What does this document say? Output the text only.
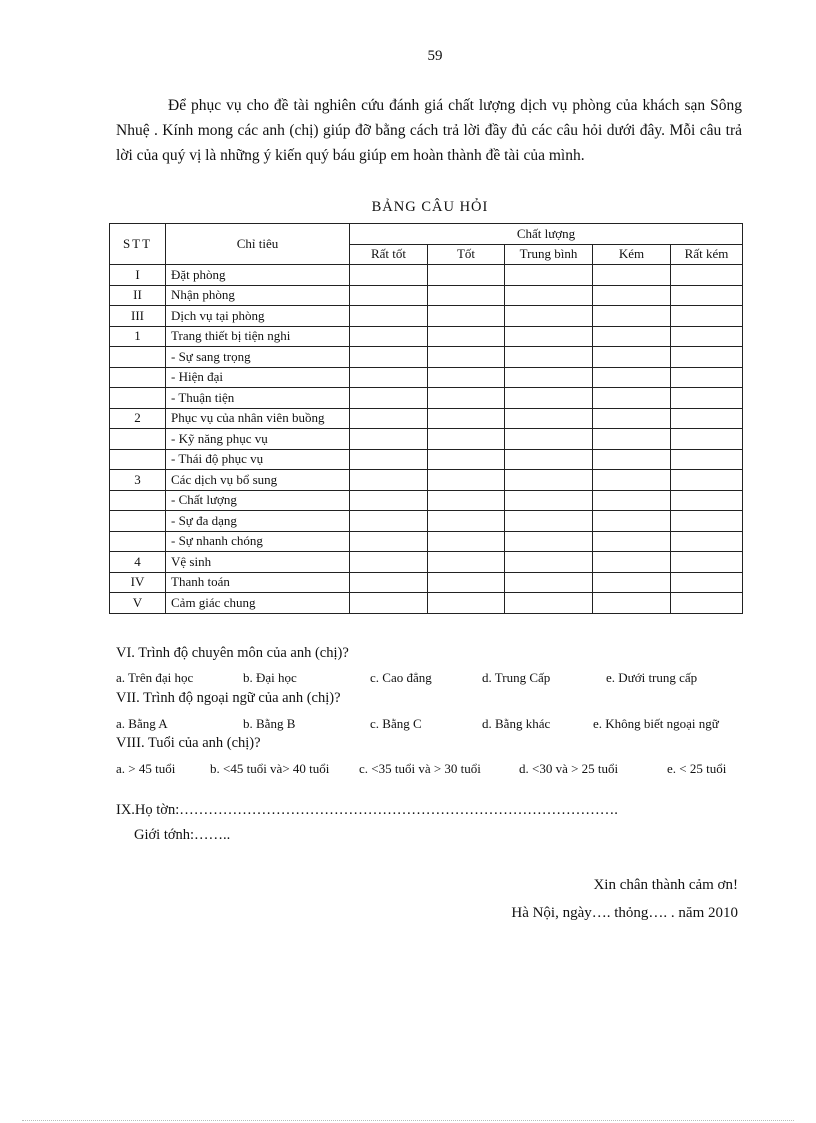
59

Để phục vụ cho đề tài nghiên cứu đánh giá chất lượng dịch vụ phòng của khách sạn Sông Nhuệ . Kính mong các anh (chị) giúp đỡ bằng cách trả lời đầy đủ các câu hỏi dưới đây. Mỗi câu trả lời của quý vị là những ý kiến quý báu giúp em hoàn thành đề tài của mình.

BẢNG CÂU HỎI
STT	Chỉ tiêu	Chất lượng				
		Rất tốt	Tốt	Trung bình	Kém	Rất kém
I	Đặt phòng					
II	Nhận phòng					
III	Dịch vụ tại phòng					
1	Trang thiết bị tiện nghi					
	- Sự sang trọng					
	- Hiện đại					
	- Thuận tiện					
2	Phục vụ của nhân viên buồng					
	- Kỹ năng phục vụ					
	- Thái độ phục vụ					
3	Các dịch vụ bổ sung					
	- Chất lượng					
	- Sự đa dạng					
	- Sự nhanh chóng					
4	Vệ sinh					
IV	Thanh toán					
V	Cảm giác chung					
VI. Trình độ chuyên môn của anh (chị)?
a. Trên đại học	b. Đại học	c. Cao đẳng	d. Trung Cấp	e. Dưới trung cấp
VII. Trình độ ngoại ngữ của anh (chị)?
a. Bằng A	b. Bằng B	c. Bằng C	d. Bằng khác	e. Không biết ngoại ngữ
VIII. Tuổi của anh (chị)?
a. > 45 tuổi	b. <45 tuổi và> 40 tuổi c. <35 tuổi và > 30 tuổi	d. <30 và > 25 tuổi	e. < 25 tuổi
IX.Họ tờn:……………………………………………………………………………….
Giới tớnh:……..
Xin chân thành cảm ơn!
Hà Nội, ngày…. thỏng…. . năm 2010
